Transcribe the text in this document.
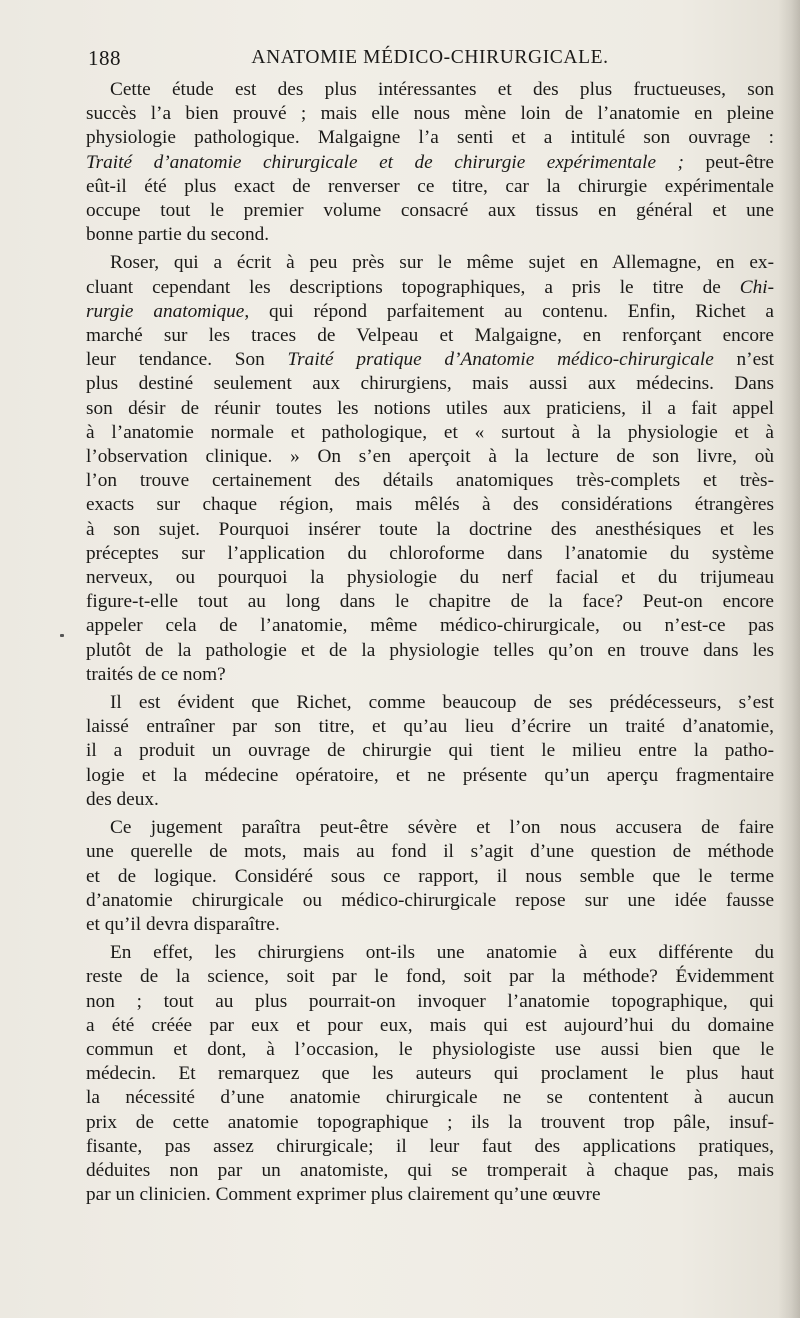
188	ANATOMIE MÉDICO-CHIRURGICALE.

Cette étude est des plus intéressantes et des plus fructueuses, son
succès l’a bien prouvé ; mais elle nous mène loin de l’anatomie en pleine
physiologie pathologique. Malgaigne l’a senti et a intitulé son ouvrage :
Traité d’anatomie chirurgicale et de chirurgie expérimentale ; peut-être
eût-il été plus exact de renverser ce titre, car la chirurgie expérimentale
occupe tout le premier volume consacré aux tissus en général et une
bonne partie du second.

Roser, qui a écrit à peu près sur le même sujet en Allemagne, en ex-
cluant cependant les descriptions topographiques, a pris le titre de Chi-
rurgie anatomique, qui répond parfaitement au contenu. Enfin, Richet a
marché sur les traces de Velpeau et Malgaigne, en renforçant encore
leur tendance. Son Traité pratique d’Anatomie médico-chirurgicale n’est
plus destiné seulement aux chirurgiens, mais aussi aux médecins. Dans
son désir de réunir toutes les notions utiles aux praticiens, il a fait appel
à l’anatomie normale et pathologique, et « surtout à la physiologie et à
l’observation clinique. » On s’en aperçoit à la lecture de son livre, où
l’on trouve certainement des détails anatomiques très-complets et très-
exacts sur chaque région, mais mêlés à des considérations étrangères
à son sujet. Pourquoi insérer toute la doctrine des anesthésiques et les
préceptes sur l’application du chloroforme dans l’anatomie du système
nerveux, ou pourquoi la physiologie du nerf facial et du trijumeau
figure-t-elle tout au long dans le chapitre de la face? Peut-on encore
appeler cela de l’anatomie, même médico-chirurgicale, ou n’est-ce pas
plutôt de la pathologie et de la physiologie telles qu’on en trouve dans les
traités de ce nom?

Il est évident que Richet, comme beaucoup de ses prédécesseurs, s’est
laissé entraîner par son titre, et qu’au lieu d’écrire un traité d’anatomie,
il a produit un ouvrage de chirurgie qui tient le milieu entre la patho-
logie et la médecine opératoire, et ne présente qu’un aperçu fragmentaire
des deux.

Ce jugement paraîtra peut-être sévère et l’on nous accusera de faire
une querelle de mots, mais au fond il s’agit d’une question de méthode
et de logique. Considéré sous ce rapport, il nous semble que le terme
d’anatomie chirurgicale ou médico-chirurgicale repose sur une idée fausse
et qu’il devra disparaître.

En effet, les chirurgiens ont-ils une anatomie à eux différente du
reste de la science, soit par le fond, soit par la méthode? Évidemment
non ; tout au plus pourrait-on invoquer l’anatomie topographique, qui
a été créée par eux et pour eux, mais qui est aujourd’hui du domaine
commun et dont, à l’occasion, le physiologiste use aussi bien que le
médecin. Et remarquez que les auteurs qui proclament le plus haut
la nécessité d’une anatomie chirurgicale ne se contentent à aucun
prix de cette anatomie topographique ; ils la trouvent trop pâle, insuf-
fisante, pas assez chirurgicale; il leur faut des applications pratiques,
déduites non par un anatomiste, qui se tromperait à chaque pas, mais
par un clinicien. Comment exprimer plus clairement qu’une œuvre
